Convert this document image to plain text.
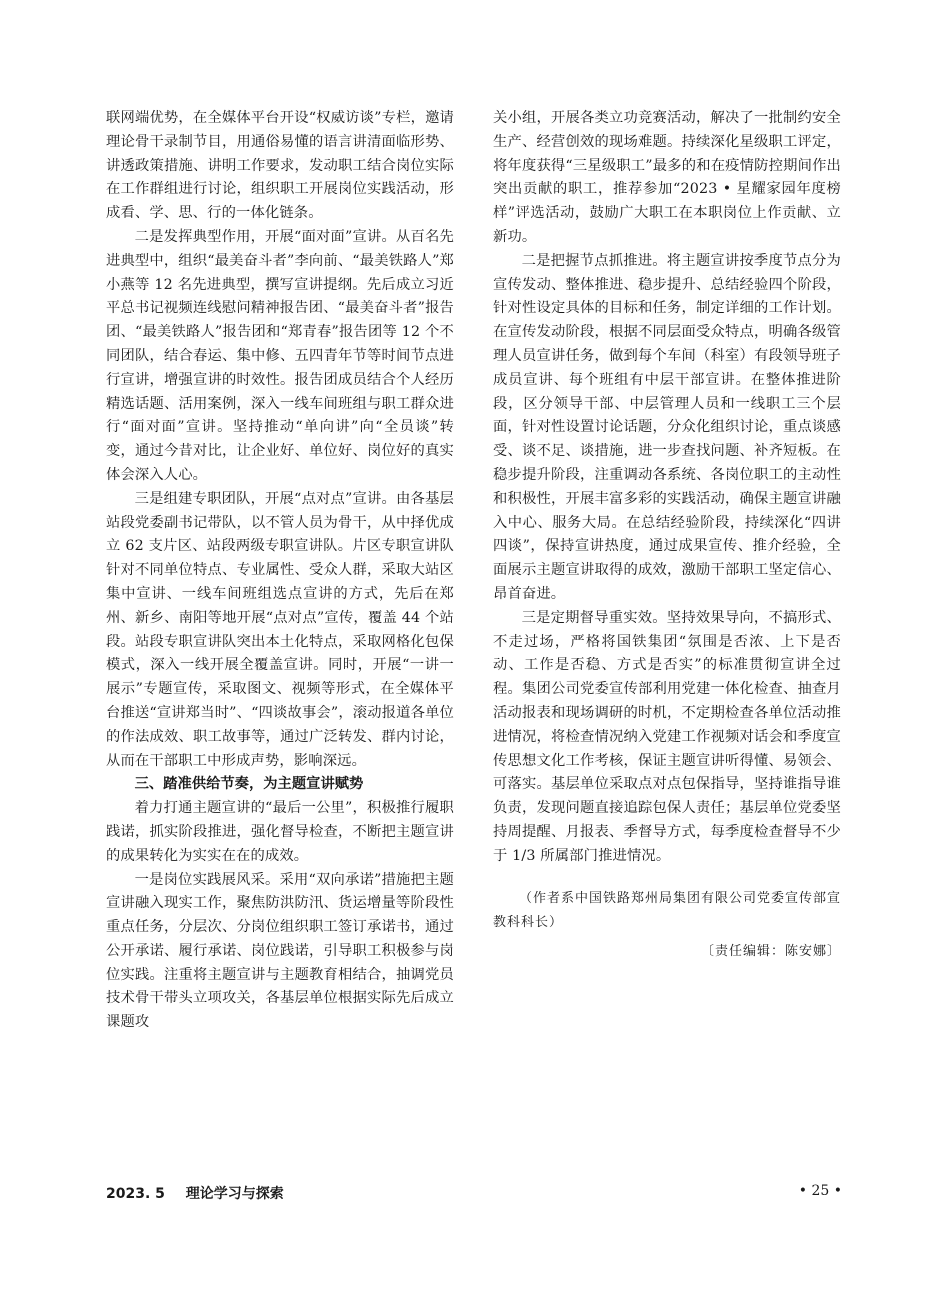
联网端优势，在全媒体平台开设“权威访谈”专栏，邀请理论骨干录制节目，用通俗易懂的语言讲清面临形势、讲透政策措施、讲明工作要求，发动职工结合岗位实际在工作群组进行讨论，组织职工开展岗位实践活动，形成看、学、思、行的一体化链条。

二是发挥典型作用，开展“面对面”宣讲。从百名先进典型中，组织“最美奋斗者”李向前、“最美铁路人”郑小燕等 12 名先进典型，撰写宣讲提纲。先后成立习近平总书记视频连线慰问精神报告团、“最美奋斗者”报告团、“最美铁路人”报告团和“郑青春”报告团等 12 个不同团队，结合春运、集中修、五四青年节等时间节点进行宣讲，增强宣讲的时效性。报告团成员结合个人经历精选话题、活用案例，深入一线车间班组与职工群众进行“面对面”宣讲。坚持推动“单向讲”向“全员谈”转变，通过今昔对比，让企业好、单位好、岗位好的真实体会深入人心。

三是组建专职团队，开展“点对点”宣讲。由各基层站段党委副书记带队，以不管人员为骨干，从中择优成立 62 支片区、站段两级专职宣讲队。片区专职宣讲队针对不同单位特点、专业属性、受众人群，采取大站区集中宣讲、一线车间班组选点宣讲的方式，先后在郑州、新乡、南阳等地开展“点对点”宣传，覆盖 44 个站段。站段专职宣讲队突出本土化特点，采取网格化包保模式，深入一线开展全覆盖宣讲。同时，开展“一讲一展示”专题宣传，采取图文、视频等形式，在全媒体平台推送“宣讲郑当时”、“四谈故事会”，滚动报道各单位的作法成效、职工故事等，通过广泛转发、群内讨论，从而在干部职工中形成声势，影响深远。

三、踏准供给节奏，为主题宣讲赋势

着力打通主题宣讲的“最后一公里”，积极推行履职践诺，抓实阶段推进，强化督导检查，不断把主题宣讲的成果转化为实实在在的成效。

一是岗位实践展风采。采用“双向承诺”措施把主题宣讲融入现实工作，聚焦防洪防汛、货运增量等阶段性重点任务，分层次、分岗位组织职工签订承诺书，通过公开承诺、履行承诺、岗位践诺，引导职工积极参与岗位实践。注重将主题宣讲与主题教育相结合，抽调党员技术骨干带头立项攻关，各基层单位根据实际先后成立课题攻

关小组，开展各类立功竞赛活动，解决了一批制约安全生产、经营创效的现场难题。持续深化星级职工评定，将年度获得“三星级职工”最多的和在疫情防控期间作出突出贡献的职工，推荐参加“2023 • 星耀家园年度榜样”评选活动，鼓励广大职工在本职岗位上作贡献、立新功。

二是把握节点抓推进。将主题宣讲按季度节点分为宣传发动、整体推进、稳步提升、总结经验四个阶段，针对性设定具体的目标和任务，制定详细的工作计划。在宣传发动阶段，根据不同层面受众特点，明确各级管理人员宣讲任务，做到每个车间（科室）有段领导班子成员宣讲、每个班组有中层干部宣讲。在整体推进阶段，区分领导干部、中层管理人员和一线职工三个层面，针对性设置讨论话题，分众化组织讨论，重点谈感受、谈不足、谈措施，进一步查找问题、补齐短板。在稳步提升阶段，注重调动各系统、各岗位职工的主动性和积极性，开展丰富多彩的实践活动，确保主题宣讲融入中心、服务大局。在总结经验阶段，持续深化“四讲四谈”，保持宣讲热度，通过成果宣传、推介经验，全面展示主题宣讲取得的成效，激励干部职工坚定信心、昂首奋进。

三是定期督导重实效。坚持效果导向，不搞形式、不走过场，严格将国铁集团“氛围是否浓、上下是否动、工作是否稳、方式是否实”的标准贯彻宣讲全过程。集团公司党委宣传部利用党建一体化检查、抽查月活动报表和现场调研的时机，不定期检查各单位活动推进情况，将检查情况纳入党建工作视频对话会和季度宣传思想文化工作考核，保证主题宣讲听得懂、易领会、可落实。基层单位采取点对点包保指导，坚持谁指导谁负责，发现问题直接追踪包保人责任；基层单位党委坚持周提醒、月报表、季督导方式，每季度检查督导不少于 1/3 所属部门推进情况。

（作者系中国铁路郑州局集团有限公司党委宣传部宣教科科长）

〔责任编辑：陈安娜〕

2023. 5 理论学习与探索	• 25 •
